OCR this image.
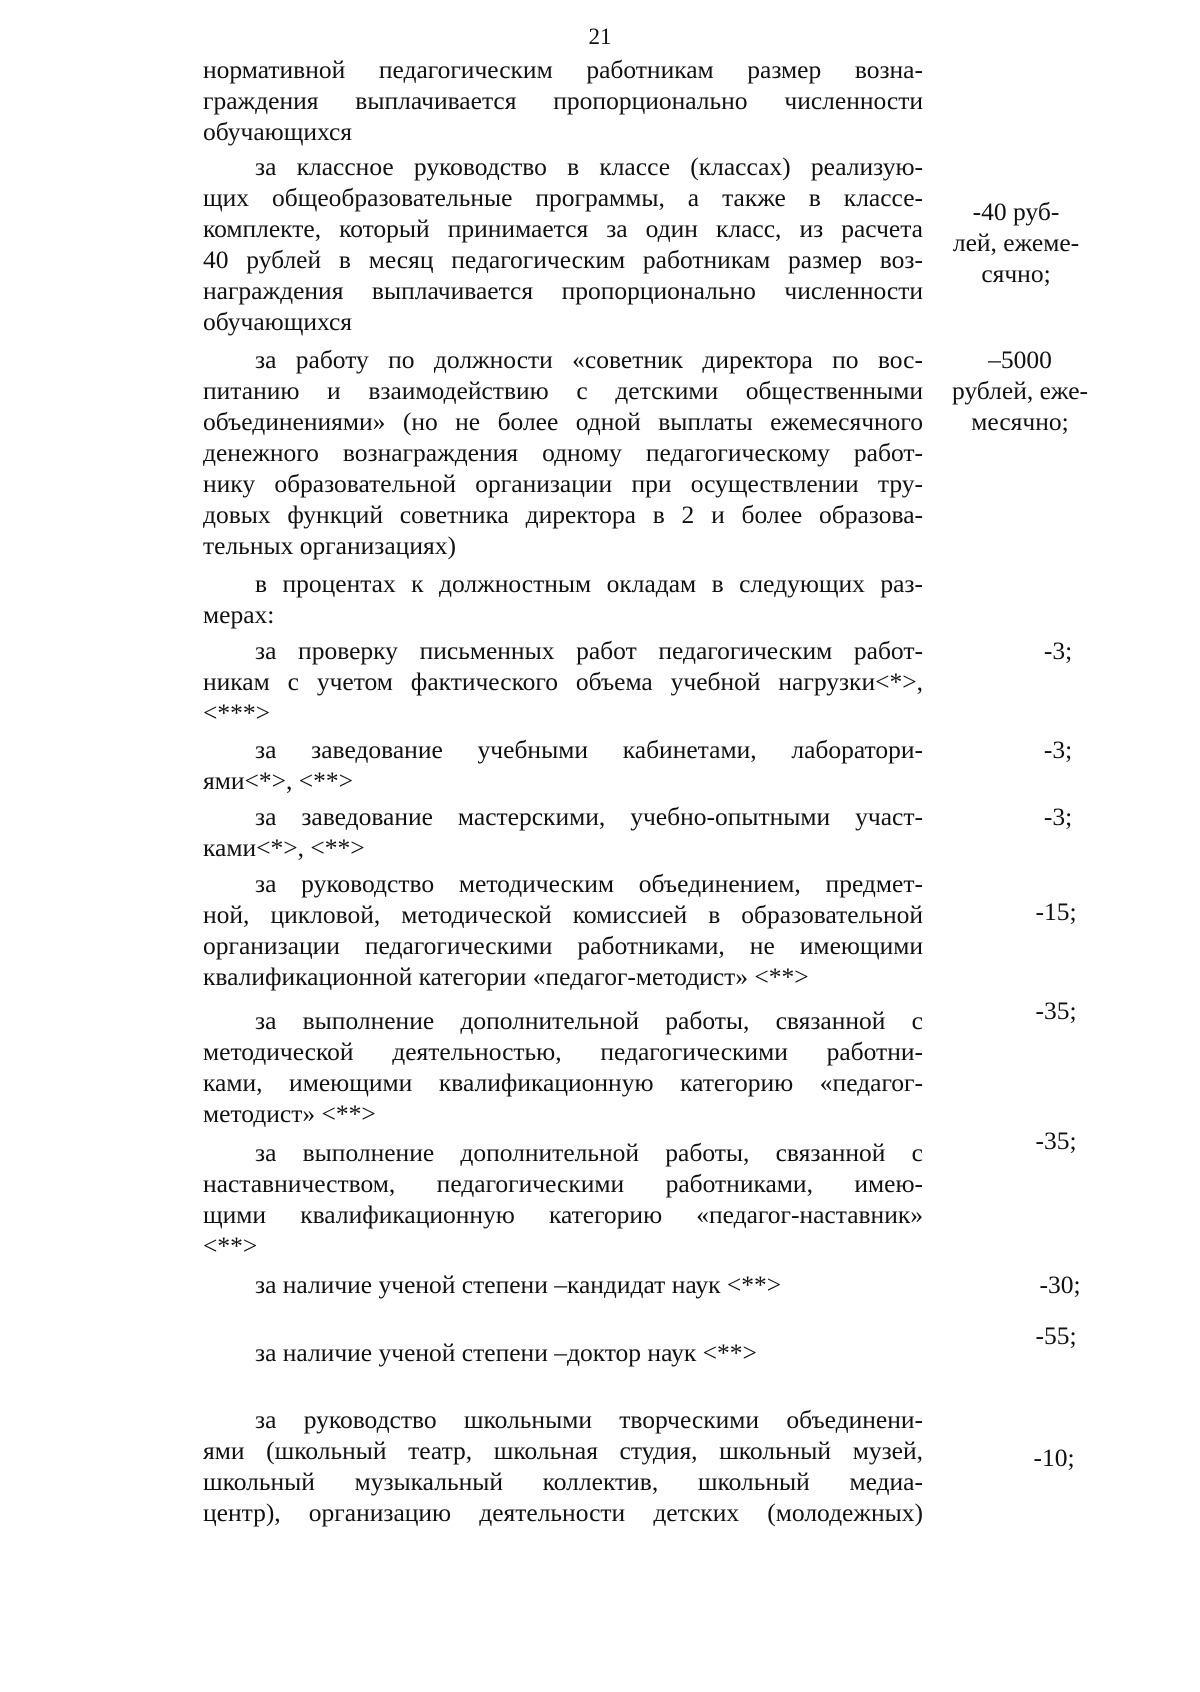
21
нормативной педагогическим работникам размер возна-
граждения выплачивается пропорционально численности
обучающихся
за классное руководство в классе (классах) реализую-
щих общеобразовательные программы, а также в классе-
комплекте, который принимается за один класс, из расчета
40 рублей в месяц педагогическим работникам размер воз-
награждения выплачивается пропорционально численности
обучающихся
-40 руб-
лей, ежеме-
сячно;
за работу по должности «советник директора по вос-
питанию и взаимодействию с детскими общественными
объединениями» (но не более одной выплаты ежемесячного
денежного вознаграждения одному педагогическому работ-
нику образовательной организации при осуществлении тру-
довых функций советника директора в 2 и более образова-
тельных организациях)
–5000
рублей, еже-
месячно;
в процентах к должностным окладам в следующих раз-
мерах:
за проверку письменных работ педагогическим работ-
никам с учетом фактического объема учебной нагрузки<*>,
<***>
-3;
за заведование учебными кабинетами, лаборатори-
ями<*>, <**>
-3;
за заведование мастерскими, учебно-опытными участ-
ками<*>, <**>
-3;
за руководство методическим объединением, предмет-
ной, цикловой, методической комиссией в образовательной
организации педагогическими работниками, не имеющими
квалификационной категории «педагог-методист» <**>
-15;
за выполнение дополнительной работы, связанной с
методической деятельностью, педагогическими работни-
ками, имеющими квалификационную категорию «педагог-
методист» <**>
-35;
за выполнение дополнительной работы, связанной с
наставничеством, педагогическими работниками, имею-
щими квалификационную категорию «педагог-наставник»
<**>
-35;
за наличие ученой степени –кандидат наук <**>	-30;
за наличие ученой степени –доктор наук <**>
-55;
за руководство школьными творческими объединени-
ями (школьный театр, школьная студия, школьный музей,
школьный музыкальный коллектив, школьный медиа-
центр), организацию деятельности детских (молодежных)
-10;
